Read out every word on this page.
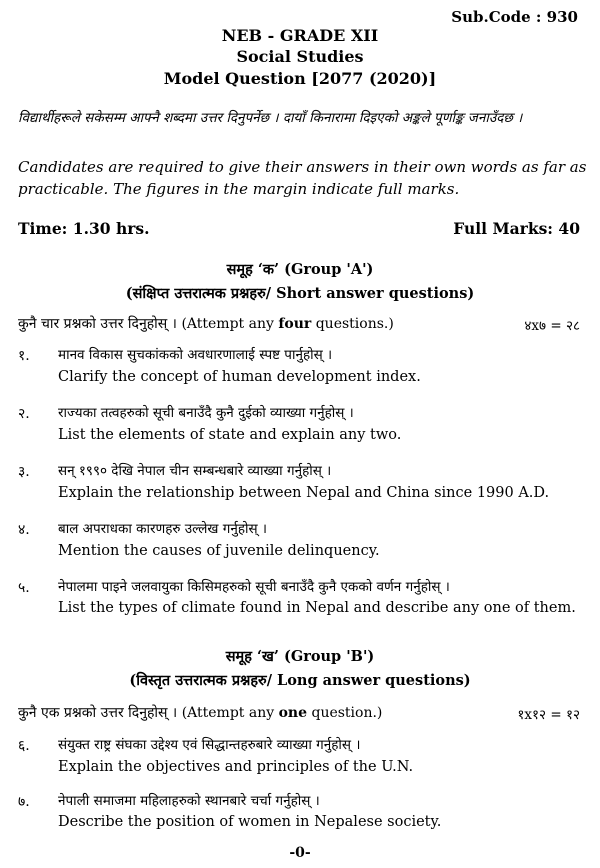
Sub.Code : 930
NEB - GRADE XII
Social Studies
Model Question [2077 (2020)]
विद्यार्थीहरूले सकेसम्म आफ्नै शब्दमा उत्तर दिनुपर्नेछ । दायाँ किनारामा दिइएको अङ्कले पूर्णाङ्क जनाउँदछ ।
Candidates are required to give their answers in their own words as far as practicable. The figures in the margin indicate full marks.
Time: 1.30 hrs.	Full Marks: 40
समूह ‘क’ (Group 'A')
(संक्षिप्त उत्तरात्मक प्रश्नहरु/ Short answer questions)
कुनै चार प्रश्नको उत्तर दिनुहोस् । (Attempt any four questions.)	४x७ = २८
१.	मानव विकास सुचकांकको अवधारणालाई स्पष्ट पार्नुहोस् ।
Clarify the concept of human development index.
२.	राज्यका तत्वहरुको सूची बनाउँदै कुनै दुईको व्याख्या गर्नुहोस् ।
List the elements of state and explain any two.
३.	सन् १९९० देखि नेपाल चीन सम्बन्धबारे व्याख्या गर्नुहोस् ।
Explain the relationship between Nepal and China since 1990 A.D.
४.	बाल अपराधका कारणहरु उल्लेख गर्नुहोस् ।
Mention the causes of juvenile delinquency.
५.	नेपालमा पाइने जलवायुका किसिमहरुको सूची बनाउँदै कुनै एकको वर्णन गर्नुहोस् ।
List the types of climate found in Nepal and describe any one of them.
समूह ‘ख’ (Group 'B')
(विस्तृत उत्तरात्मक प्रश्नहरु/ Long answer questions)
कुनै एक प्रश्नको उत्तर दिनुहोस् । (Attempt any one question.)	१x१२ = १२
६.	संयुक्त राष्ट्र संघका उद्देश्य एवं सिद्धान्तहरुबारे व्याख्या गर्नुहोस् ।
Explain the objectives and principles of the U.N.
७.	नेपाली समाजमा महिलाहरुको स्थानबारे चर्चा गर्नुहोस् ।
Describe the position of women in Nepalese society.
-0-
